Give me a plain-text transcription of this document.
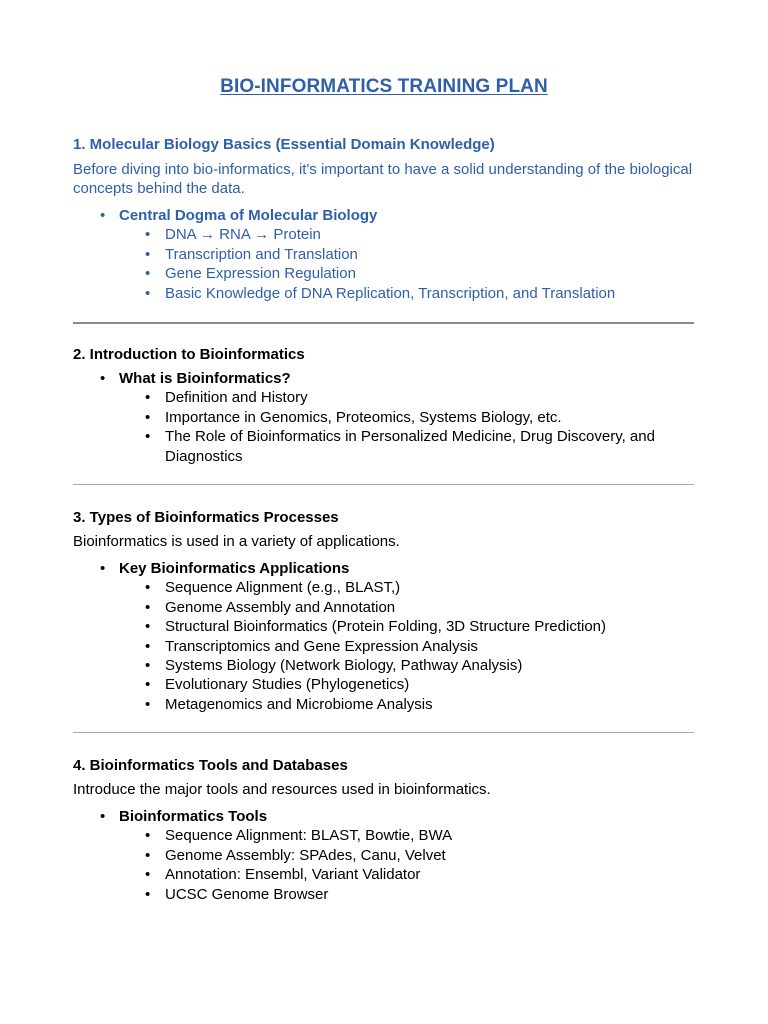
BIO-INFORMATICS TRAINING PLAN
1. Molecular Biology Basics (Essential Domain Knowledge)

Before diving into bio-informatics, it's important to have a solid understanding of the biological concepts behind the data.

• Central Dogma of Molecular Biology
• DNA → RNA → Protein
• Transcription and Translation
• Gene Expression Regulation
• Basic Knowledge of DNA Replication, Transcription, and Translation
2. Introduction to Bioinformatics
• What is Bioinformatics?
• Definition and History
• Importance in Genomics, Proteomics, Systems Biology, etc.
• The Role of Bioinformatics in Personalized Medicine, Drug Discovery, and Diagnostics
3. Types of Bioinformatics Processes

Bioinformatics is used in a variety of applications.

• Key Bioinformatics Applications
• Sequence Alignment (e.g., BLAST,)
• Genome Assembly and Annotation
• Structural Bioinformatics (Protein Folding, 3D Structure Prediction)
• Transcriptomics and Gene Expression Analysis
• Systems Biology (Network Biology, Pathway Analysis)
• Evolutionary Studies (Phylogenetics)
• Metagenomics and Microbiome Analysis
4. Bioinformatics Tools and Databases

Introduce the major tools and resources used in bioinformatics.

• Bioinformatics Tools
• Sequence Alignment: BLAST, Bowtie, BWA
• Genome Assembly: SPAdes, Canu, Velvet
• Annotation: Ensembl, Variant Validator
• UCSC Genome Browser
